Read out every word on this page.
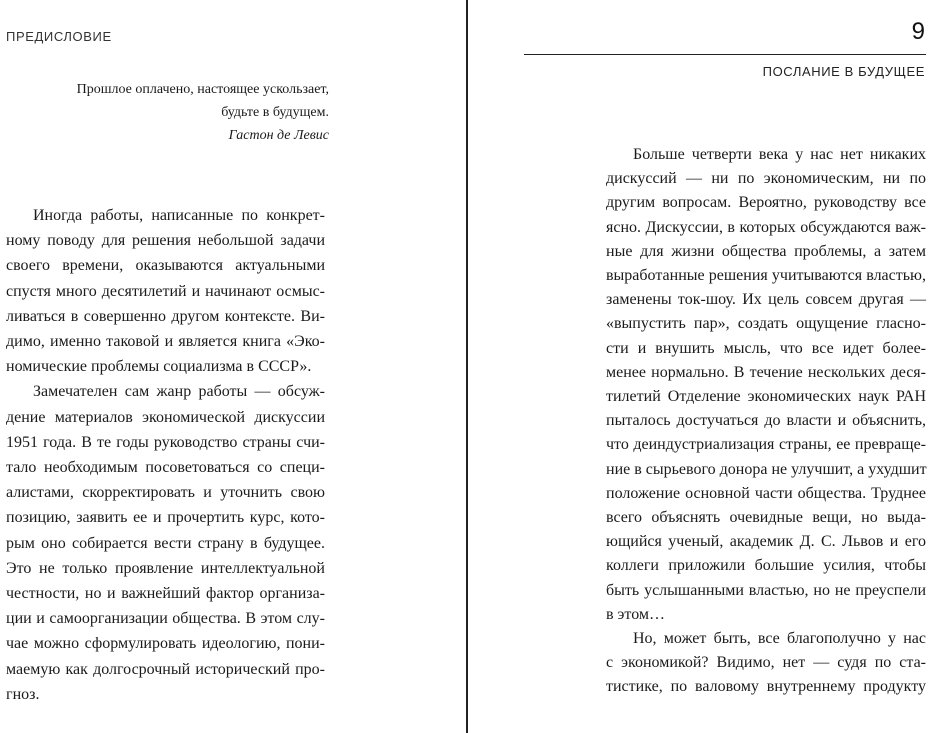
ПРЕДИСЛОВИЕ
Прошлое оплачено, настоящее ускользает,
будьте в будущем.
Гастон де Левис
Иногда работы, написанные по конкрет-
ному поводу для решения небольшой задачи
своего времени, оказываются актуальными
спустя много десятилетий и начинают осмыс-
ливаться в совершенно другом контексте. Ви-
димо, именно таковой и является книга «Эко-
номические проблемы социализма в СССР».
Замечателен сам жанр работы — обсуж-
дение материалов экономической дискуссии
1951 года. В те годы руководство страны счи-
тало необходимым посоветоваться со специ-
алистами, скорректировать и уточнить свою
позицию, заявить ее и прочертить курс, кото-
рым оно собирается вести страну в будущее.
Это не только проявление интеллектуальной
честности, но и важнейший фактор организа-
ции и самоорганизации общества. В этом слу-
чае можно сформулировать идеологию, пони-
маемую как долгосрочный исторический про-
гноз.
9
ПОСЛАНИЕ В БУДУЩЕЕ
Больше четверти века у нас нет никаких
дискуссий — ни по экономическим, ни по
другим вопросам. Вероятно, руководству все
ясно. Дискуссии, в которых обсуждаются важ-
ные для жизни общества проблемы, а затем
выработанные решения учитываются властью,
заменены ток-шоу. Их цель совсем другая —
«выпустить пар», создать ощущение гласно-
сти и внушить мысль, что все идет более-
менее нормально. В течение нескольких деся-
тилетий Отделение экономических наук РАН
пыталось достучаться до власти и объяснить,
что деиндустриализация страны, ее превраще-
ние в сырьевого донора не улучшит, а ухудшит
положение основной части общества. Труднее
всего объяснять очевидные вещи, но выда-
ющийся ученый, академик Д. С. Львов и его
коллеги приложили большие усилия, чтобы
быть услышанными властью, но не преуспели
в этом…
Но, может быть, все благополучно у нас
с экономикой? Видимо, нет — судя по ста-
тистике, по валовому внутреннему продукту
